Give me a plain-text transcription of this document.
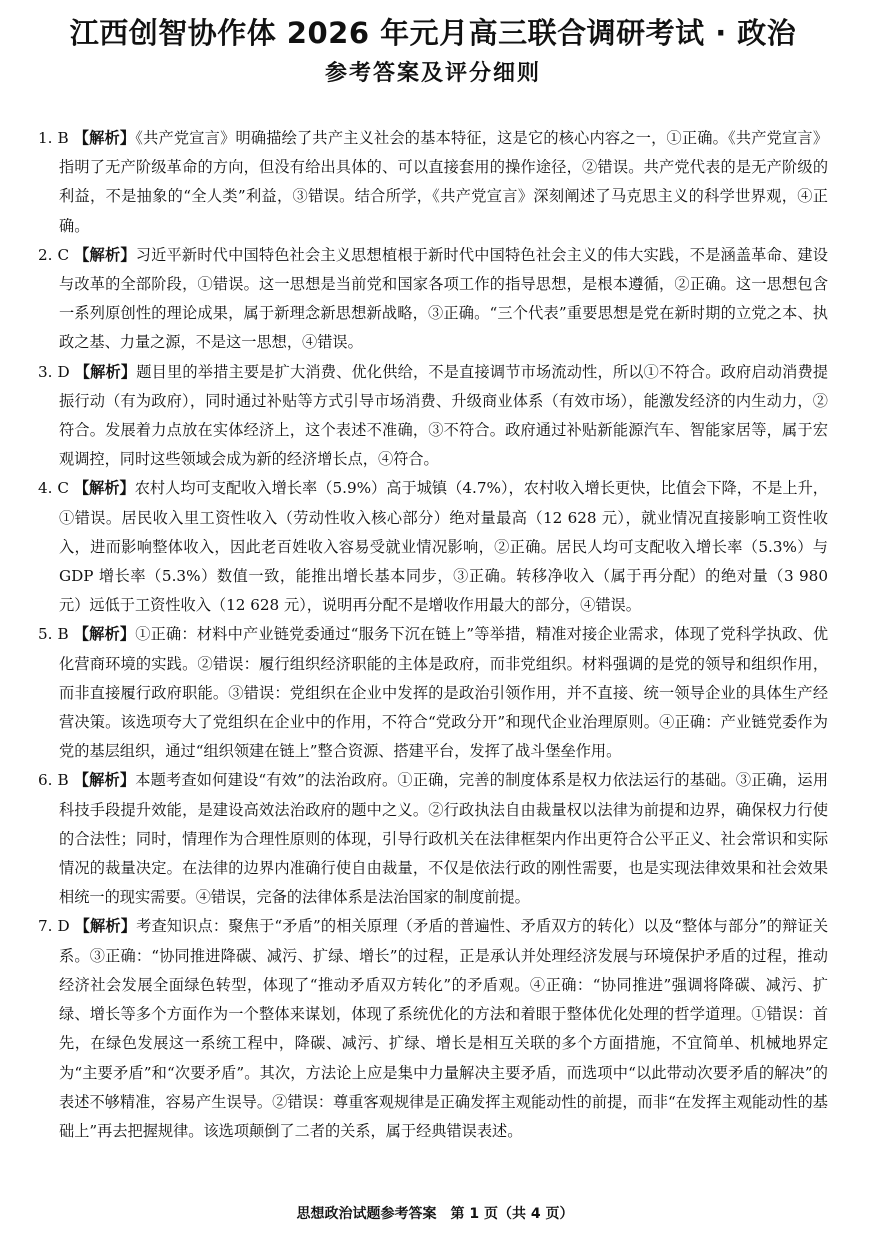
江西创智协作体 2026 年元月高三联合调研考试 · 政治
参考答案及评分细则

1. B 【解析】《共产党宣言》明确描绘了共产主义社会的基本特征，这是它的核心内容之一，①正确。《共产党宣言》指明了无产阶级革命的方向，但没有给出具体的、可以直接套用的操作途径，②错误。共产党代表的是无产阶级的利益，不是抽象的“全人类”利益，③错误。结合所学，《共产党宣言》深刻阐述了马克思主义的科学世界观，④正确。

2. C 【解析】习近平新时代中国特色社会主义思想植根于新时代中国特色社会主义的伟大实践，不是涵盖革命、建设与改革的全部阶段，①错误。这一思想是当前党和国家各项工作的指导思想，是根本遵循，②正确。这一思想包含一系列原创性的理论成果，属于新理念新思想新战略，③正确。“三个代表”重要思想是党在新时期的立党之本、执政之基、力量之源，不是这一思想，④错误。

3. D 【解析】题目里的举措主要是扩大消费、优化供给，不是直接调节市场流动性，所以①不符合。政府启动消费提振行动（有为政府），同时通过补贴等方式引导市场消费、升级商业体系（有效市场），能激发经济的内生动力，②符合。发展着力点放在实体经济上，这个表述不准确，③不符合。政府通过补贴新能源汽车、智能家居等，属于宏观调控，同时这些领域会成为新的经济增长点，④符合。

4. C 【解析】农村人均可支配收入增长率（5.9%）高于城镇（4.7%），农村收入增长更快，比值会下降，不是上升，①错误。居民收入里工资性收入（劳动性收入核心部分）绝对量最高（12 628 元），就业情况直接影响工资性收入，进而影响整体收入，因此老百姓收入容易受就业情况影响，②正确。居民人均可支配收入增长率（5.3%）与 GDP 增长率（5.3%）数值一致，能推出增长基本同步，③正确。转移净收入（属于再分配）的绝对量（3 980 元）远低于工资性收入（12 628 元），说明再分配不是增收作用最大的部分，④错误。

5. B 【解析】①正确：材料中产业链党委通过“服务下沉在链上”等举措，精准对接企业需求，体现了党科学执政、优化营商环境的实践。②错误：履行组织经济职能的主体是政府，而非党组织。材料强调的是党的领导和组织作用，而非直接履行政府职能。③错误：党组织在企业中发挥的是政治引领作用，并不直接、统一领导企业的具体生产经营决策。该选项夸大了党组织在企业中的作用，不符合“党政分开”和现代企业治理原则。④正确：产业链党委作为党的基层组织，通过“组织领建在链上”整合资源、搭建平台，发挥了战斗堡垒作用。

6. B 【解析】本题考查如何建设“有效”的法治政府。①正确，完善的制度体系是权力依法运行的基础。③正确，运用科技手段提升效能，是建设高效法治政府的题中之义。②行政执法自由裁量权以法律为前提和边界，确保权力行使的合法性；同时，情理作为合理性原则的体现，引导行政机关在法律框架内作出更符合公平正义、社会常识和实际情况的裁量决定。在法律的边界内准确行使自由裁量，不仅是依法行政的刚性需要，也是实现法律效果和社会效果相统一的现实需要。④错误，完备的法律体系是法治国家的制度前提。

7. D 【解析】考查知识点：聚焦于“矛盾”的相关原理（矛盾的普遍性、矛盾双方的转化）以及“整体与部分”的辩证关系。③正确：“协同推进降碳、减污、扩绿、增长”的过程，正是承认并处理经济发展与环境保护矛盾的过程，推动经济社会发展全面绿色转型，体现了“推动矛盾双方转化”的矛盾观。④正确：“协同推进”强调将降碳、减污、扩绿、增长等多个方面作为一个整体来谋划，体现了系统优化的方法和着眼于整体优化处理的哲学道理。①错误：首先，在绿色发展这一系统工程中，降碳、减污、扩绿、增长是相互关联的多个方面措施，不宜简单、机械地界定为“主要矛盾”和“次要矛盾”。其次，方法论上应是集中力量解决主要矛盾，而选项中“以此带动次要矛盾的解决”的表述不够精准，容易产生误导。②错误：尊重客观规律是正确发挥主观能动性的前提，而非“在发挥主观能动性的基础上”再去把握规律。该选项颠倒了二者的关系，属于经典错误表述。

思想政治试题参考答案　第 1 页（共 4 页）
